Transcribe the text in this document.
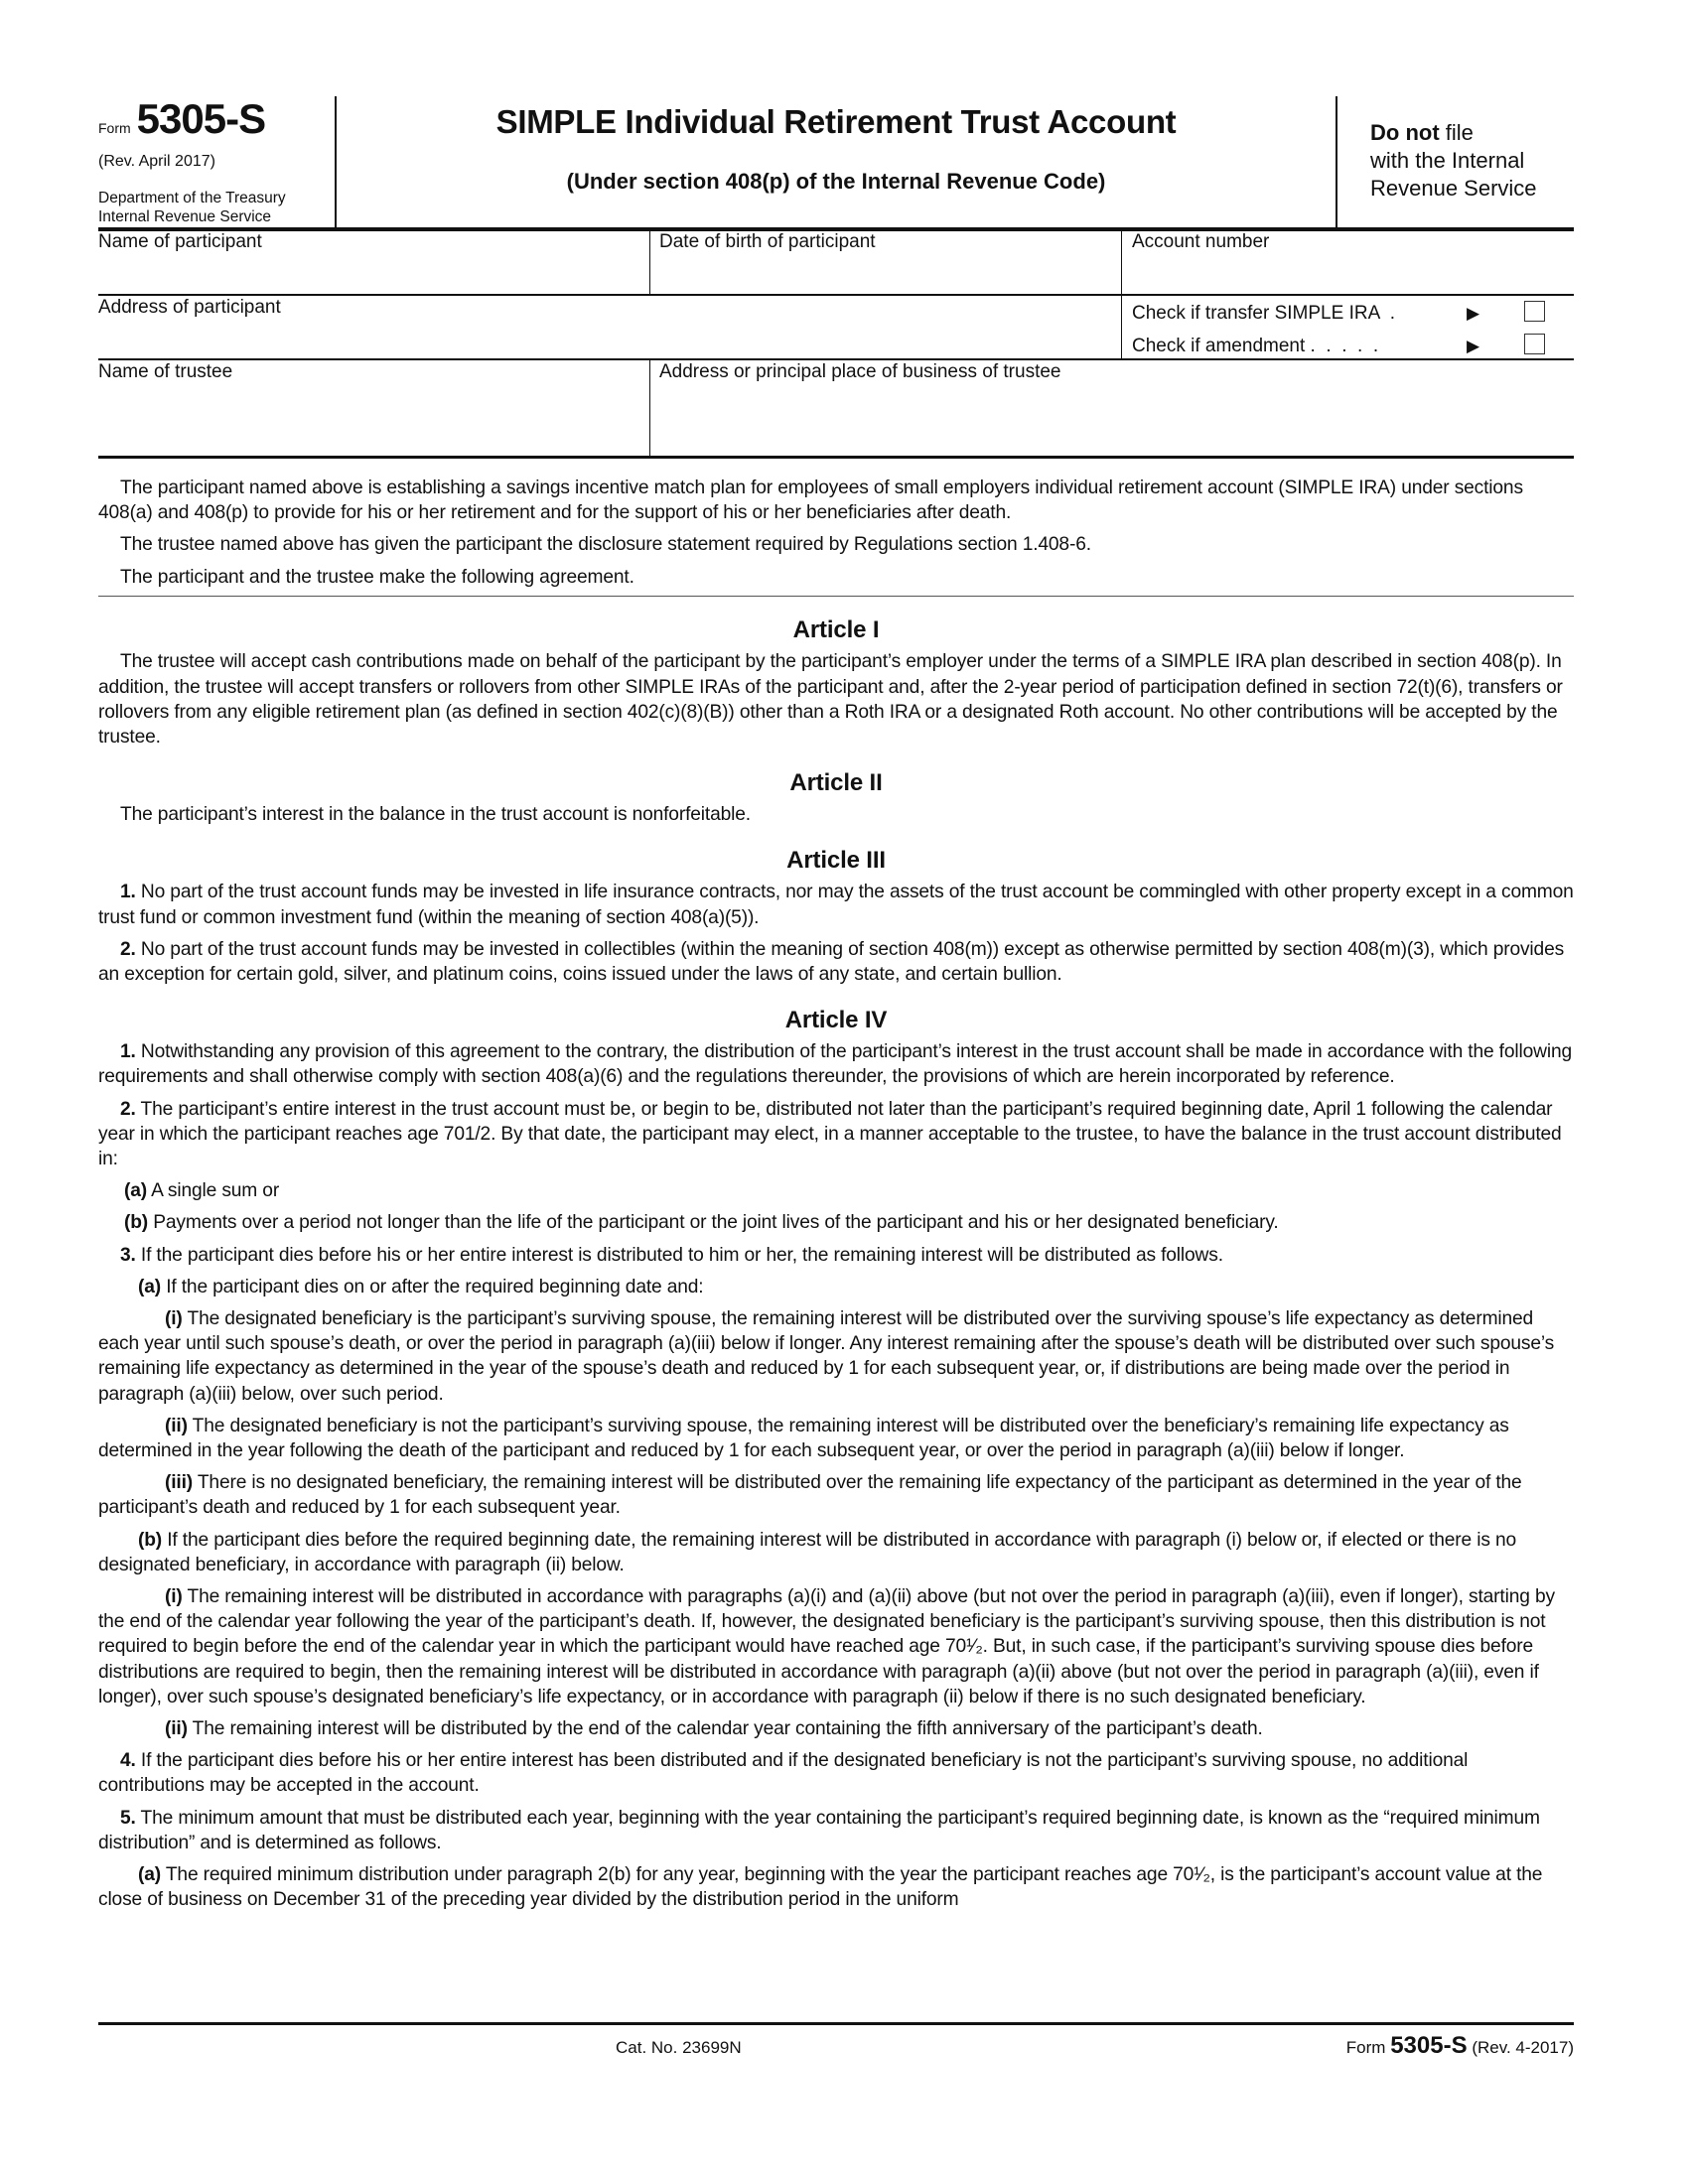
Form 5305-S
(Rev. April 2017)
Department of the Treasury
Internal Revenue Service
SIMPLE Individual Retirement Trust Account
(Under section 408(p) of the Internal Revenue Code)
Do not file
with the Internal
Revenue Service
Name of participant	Date of birth of participant	Account number
Address of participant	Check if transfer SIMPLE IRA  .	▶
Check if amendment .  .  .  .  .	▶
Name of trustee	Address or principal place of business of trustee

The participant named above is establishing a savings incentive match plan for employees of small employers individual retirement account (SIMPLE IRA) under sections 408(a) and 408(p) to provide for his or her retirement and for the support of his or her beneficiaries after death.

The trustee named above has given the participant the disclosure statement required by Regulations section 1.408-6.

The participant and the trustee make the following agreement.

Article I

The trustee will accept cash contributions made on behalf of the participant by the participant’s employer under the terms of a SIMPLE IRA plan described in section 408(p). In addition, the trustee will accept transfers or rollovers from other SIMPLE IRAs of the participant and, after the 2-year period of participation defined in section 72(t)(6), transfers or rollovers from any eligible retirement plan (as defined in section 402(c)(8)(B)) other than a Roth IRA or a designated Roth account. No other contributions will be accepted by the trustee.

Article II

The participant’s interest in the balance in the trust account is nonforfeitable.

Article III

1. No part of the trust account funds may be invested in life insurance contracts, nor may the assets of the trust account be commingled with other property except in a common trust fund or common investment fund (within the meaning of section 408(a)(5)).

2. No part of the trust account funds may be invested in collectibles (within the meaning of section 408(m)) except as otherwise permitted by section 408(m)(3), which provides an exception for certain gold, silver, and platinum coins, coins issued under the laws of any state, and certain bullion.

Article IV

1. Notwithstanding any provision of this agreement to the contrary, the distribution of the participant’s interest in the trust account shall be made in accordance with the following requirements and shall otherwise comply with section 408(a)(6) and the regulations thereunder, the provisions of which are herein incorporated by reference.

2. The participant’s entire interest in the trust account must be, or begin to be, distributed not later than the participant’s required beginning date, April 1 following the calendar year in which the participant reaches age 701/2. By that date, the participant may elect, in a manner acceptable to the trustee, to have the balance in the trust account distributed in:

(a) A single sum or

(b) Payments over a period not longer than the life of the participant or the joint lives of the participant and his or her designated beneficiary.

3. If the participant dies before his or her entire interest is distributed to him or her, the remaining interest will be distributed as follows.

(a) If the participant dies on or after the required beginning date and:

(i) The designated beneficiary is the participant’s surviving spouse, the remaining interest will be distributed over the surviving spouse’s life expectancy as determined each year until such spouse’s death, or over the period in paragraph (a)(iii) below if longer. Any interest remaining after the spouse’s death will be distributed over such spouse’s remaining life expectancy as determined in the year of the spouse’s death and reduced by 1 for each subsequent year, or, if distributions are being made over the period in paragraph (a)(iii) below, over such period.

(ii) The designated beneficiary is not the participant’s surviving spouse, the remaining interest will be distributed over the beneficiary’s remaining life expectancy as determined in the year following the death of the participant and reduced by 1 for each subsequent year, or over the period in paragraph (a)(iii) below if longer.

(iii) There is no designated beneficiary, the remaining interest will be distributed over the remaining life expectancy of the participant as determined in the year of the participant’s death and reduced by 1 for each subsequent year.

(b) If the participant dies before the required beginning date, the remaining interest will be distributed in accordance with paragraph (i) below or, if elected or there is no designated beneficiary, in accordance with paragraph (ii) below.

(i) The remaining interest will be distributed in accordance with paragraphs (a)(i) and (a)(ii) above (but not over the period in paragraph (a)(iii), even if longer), starting by the end of the calendar year following the year of the participant’s death. If, however, the designated beneficiary is the participant’s surviving spouse, then this distribution is not required to begin before the end of the calendar year in which the participant would have reached age 70¹⁄₂. But, in such case, if the participant’s surviving spouse dies before distributions are required to begin, then the remaining interest will be distributed in accordance with paragraph (a)(ii) above (but not over the period in paragraph (a)(iii), even if longer), over such spouse’s designated beneficiary’s life expectancy, or in accordance with paragraph (ii) below if there is no such designated beneficiary.

(ii) The remaining interest will be distributed by the end of the calendar year containing the fifth anniversary of the participant’s death.

4. If the participant dies before his or her entire interest has been distributed and if the designated beneficiary is not the participant’s surviving spouse, no additional contributions may be accepted in the account.

5. The minimum amount that must be distributed each year, beginning with the year containing the participant’s required beginning date, is known as the “required minimum distribution” and is determined as follows.

(a) The required minimum distribution under paragraph 2(b) for any year, beginning with the year the participant reaches age 70¹⁄₂, is the participant’s account value at the close of business on December 31 of the preceding year divided by the distribution period in the uniform

Cat. No. 23699N	Form 5305-S (Rev. 4-2017)
